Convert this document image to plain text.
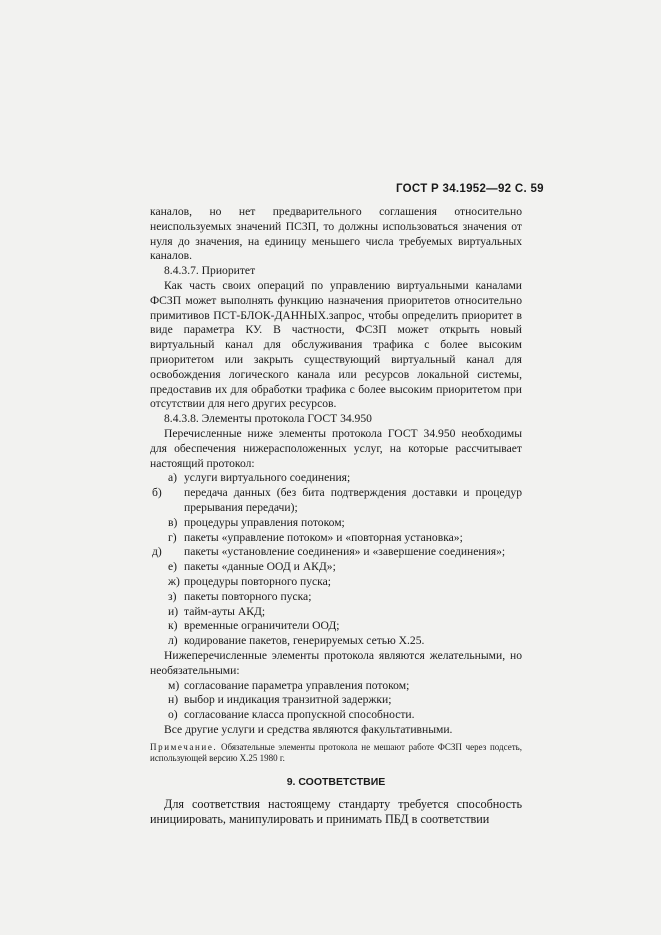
ГОСТ Р 34.1952—92 С. 59

каналов, но нет предварительного соглашения относительно неиспользуемых значений ПСЗП, то должны использоваться значения от нуля до значения, на единицу меньшего числа требуемых виртуальных каналов.

8.4.3.7. Приоритет

Как часть своих операций по управлению виртуальными каналами ФСЗП может выполнять функцию назначения приоритетов относительно примитивов ПСТ-БЛОК-ДАННЫХ.запрос, чтобы определить приоритет в виде параметра КУ. В частности, ФСЗП может открыть новый виртуальный канал для обслуживания трафика с более высоким приоритетом или закрыть существующий виртуальный канал для освобождения логического канала или ресурсов локальной системы, предоставив их для обработки трафика с более высоким приоритетом при отсутствии для него других ресурсов.

8.4.3.8. Элементы протокола ГОСТ 34.950

Перечисленные ниже элементы протокола ГОСТ 34.950 необходимы для обеспечения нижерасположенных услуг, на которые рассчитывает настоящий протокол:

а) услуги виртуального соединения;

б) передача данных (без бита подтверждения доставки и процедур прерывания передачи);

в) процедуры управления потоком;

г) пакеты «управление потоком» и «повторная установка»;

д) пакеты «установление соединения» и «завершение соединения»;

е) пакеты «данные ООД и АКД»;

ж) процедуры повторного пуска;

з) пакеты повторного пуска;

и) тайм-ауты АКД;

к) временные ограничители ООД;

л) кодирование пакетов, генерируемых сетью Х.25.

Нижеперечисленные элементы протокола являются желательными, но необязательными:

м) согласование параметра управления потоком;

н) выбор и индикация транзитной задержки;

о) согласование класса пропускной способности.

Все другие услуги и средства являются факультативными.

Примечание. Обязательные элементы протокола не мешают работе ФСЗП через подсеть, использующей версию Х.25 1980 г.

9. СООТВЕТСТВИЕ

Для соответствия настоящему стандарту требуется способность инициировать, манипулировать и принимать ПБД в соответствии
